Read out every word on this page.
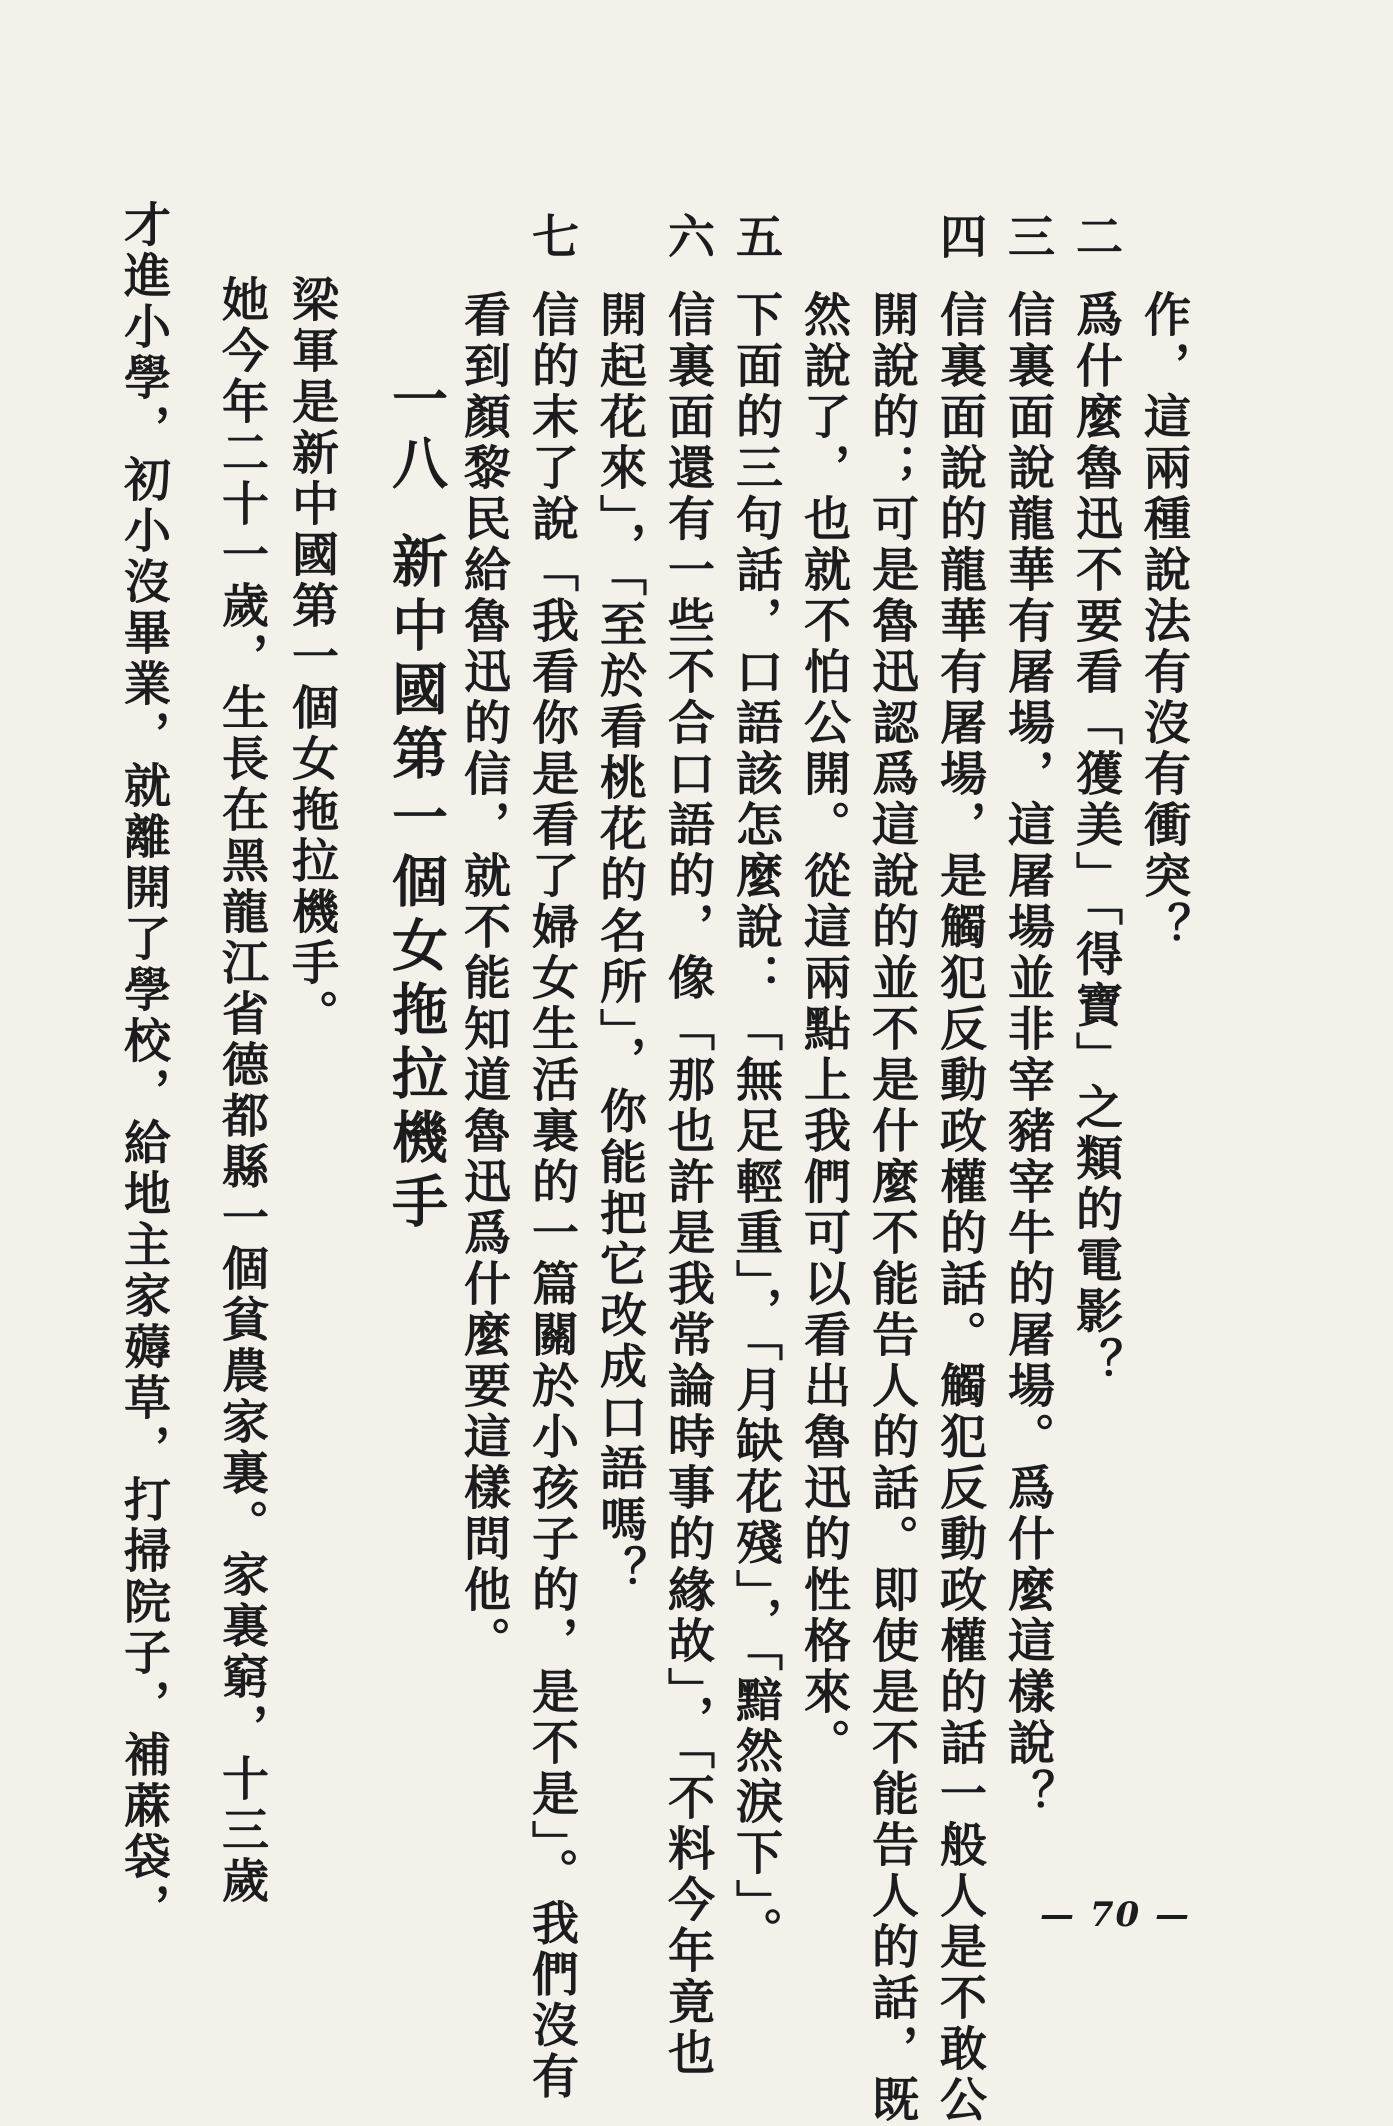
作，這兩種說法有沒有衝突？
二
爲什麼魯迅不要看「獲美」「得寶」之類的電影？
三
信裏面說龍華有屠場，這屠場並非宰豬宰牛的屠場。爲什麼這樣說？
四
信裏面說的龍華有屠場，是觸犯反動政權的話。觸犯反動政權的話一般人是不敢公
開說的；可是魯迅認爲這說的並不是什麼不能告人的話。即使是不能告人的話，既
然說了，也就不怕公開。從這兩點上我們可以看出魯迅的性格來。
五
下面的三句話，口語該怎麼說：「無足輕重」，「月缺花殘」，「黯然淚下」。
六
信裏面還有一些不合口語的，像「那也許是我常論時事的緣故」，「不料今年竟也
開起花來」，「至於看桃花的名所」，你能把它改成口語嗎？
七
信的末了說「我看你是看了婦女生活裏的一篇關於小孩子的，是不是」。我們沒有
看到顏黎民給魯迅的信，就不能知道魯迅爲什麼要這樣問他。
一八新中國第一個女拖拉機手
梁軍是新中國第一個女拖拉機手。
她今年二十一歲，生長在黑龍江省德都縣一個貧農家裏。家裏窮，十三歲
才進小學，初小沒畢業，就離開了學校，給地主家薅草，打掃院子，補蔴袋，	— 70 —
